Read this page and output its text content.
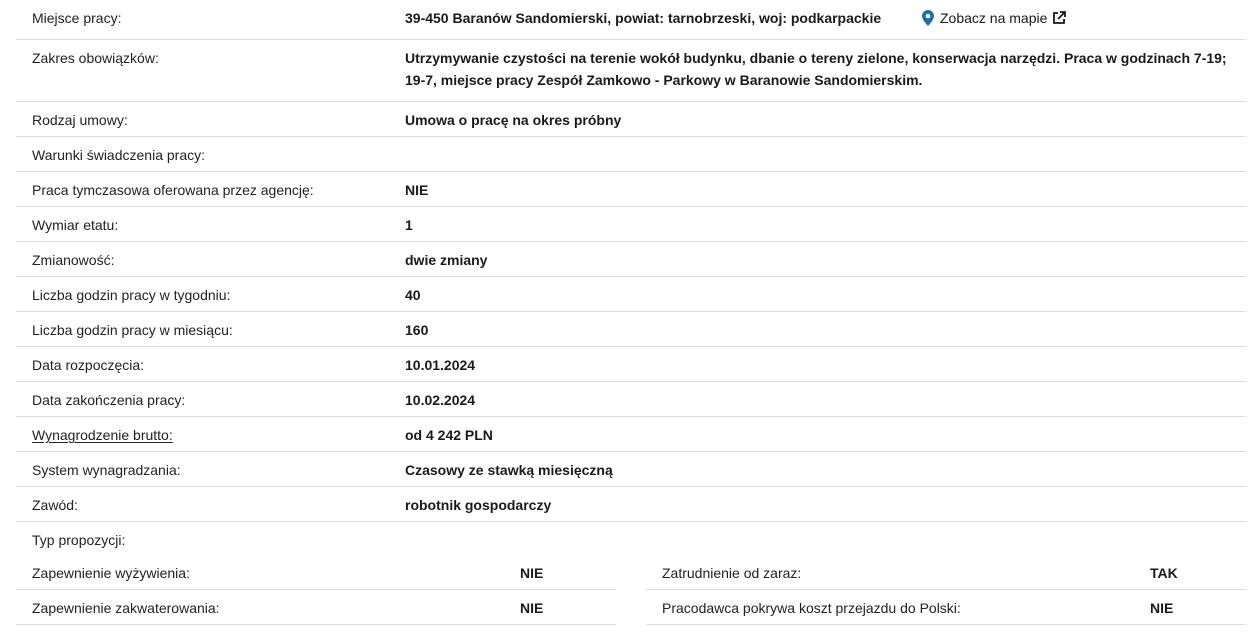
Miejsce pracy:	39-450 Baranów Sandomierski, powiat: tarnobrzeski, woj: podkarpackie	Zobacz na mapie
Zakres obowiązków:	Utrzymywanie czystości na terenie wokół budynku, dbanie o tereny zielone, konserwacja narzędzi. Praca w godzinach 7-19; 19-7, miejsce pracy Zespół Zamkowo - Parkowy w Baranowie Sandomierskim.
Rodzaj umowy:	Umowa o pracę na okres próbny
Warunki świadczenia pracy:
Praca tymczasowa oferowana przez agencję:	NIE
Wymiar etatu:	1
Zmianowość:	dwie zmiany
Liczba godzin pracy w tygodniu:	40
Liczba godzin pracy w miesiącu:	160
Data rozpoczęcia:	10.01.2024
Data zakończenia pracy:	10.02.2024
Wynagrodzenie brutto:	od 4 242 PLN
System wynagradzania:	Czasowy ze stawką miesięczną
Zawód:	robotnik gospodarczy
Typ propozycji:
Zapewnienie wyżywienia:	NIE
Zapewnienie zakwaterowania:	NIE
Zatrudnienie od zaraz:	TAK
Pracodawca pokrywa koszt przejazdu do Polski:	NIE
